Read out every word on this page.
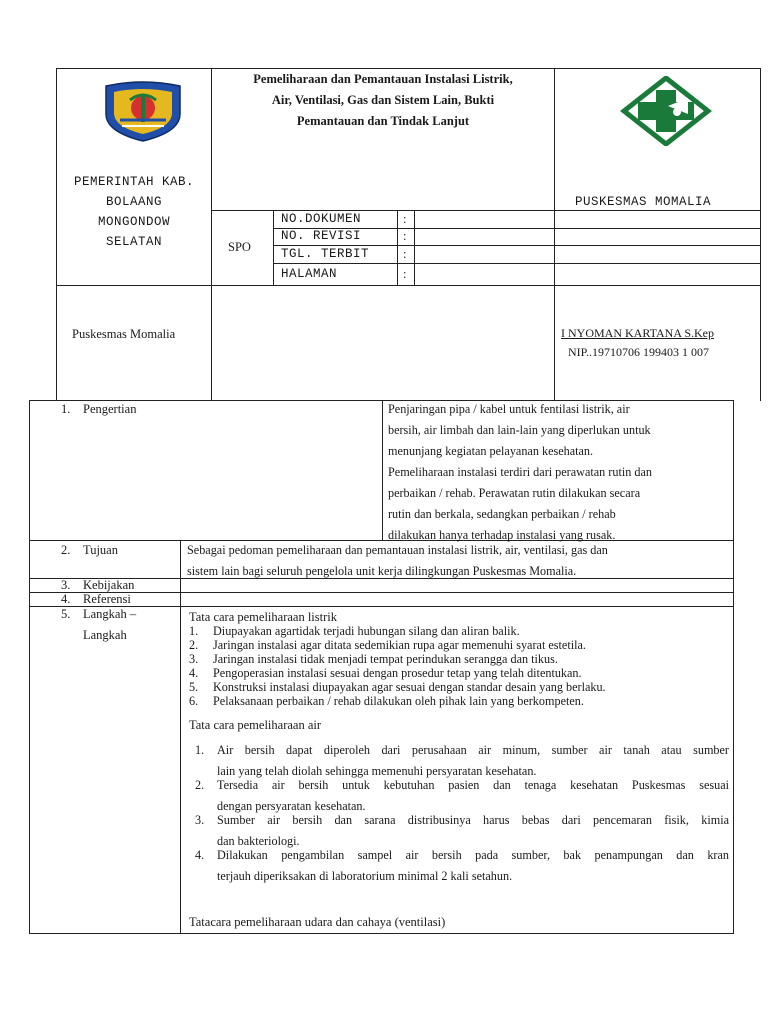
Pemeliharaan dan Pemantauan Instalasi Listrik,
Air, Ventilasi, Gas dan Sistem Lain, Bukti
Pemantauan dan Tindak Lanjut
PEMERINTAH KAB.
BOLAANG
MONGONDOW
SELATAN
PUSKESMAS MOMALIA
SPO
NO.DOKUMEN	:
NO. REVISI	:
TGL. TERBIT	:
HALAMAN	:
Puskesmas Momalia	I NYOMAN KARTANA S.Kep
NIP..19710706 199403 1 007
1. Pengertian	Penjaringan pipa / kabel untuk fentilasi listrik, air
bersih, air limbah dan lain-lain yang diperlukan untuk
menunjang kegiatan pelayanan kesehatan.
Pemeliharaan instalasi terdiri dari perawatan rutin dan
perbaikan / rehab. Perawatan rutin dilakukan secara
rutin dan berkala, sedangkan perbaikan / rehab
dilakukan hanya terhadap instalasi yang rusak.
2. Tujuan	Sebagai pedoman pemeliharaan dan pemantauan instalasi listrik, air, ventilasi, gas dan
sistem lain bagi seluruh pengelola unit kerja dilingkungan Puskesmas Momalia.
3. Kebijakan
4. Referensi
5. Langkah –
Langkah
Tata cara pemeliharaan listrik
1. Diupayakan agartidak terjadi hubungan silang dan aliran balik.
2. Jaringan instalasi agar ditata sedemikian rupa agar memenuhi syarat estetila.
3. Jaringan instalasi tidak menjadi tempat perindukan serangga dan tikus.
4. Pengoperasian instalasi sesuai dengan prosedur tetap yang telah ditentukan.
5. Konstruksi instalasi diupayakan agar sesuai dengan standar desain yang berlaku.
6. Pelaksanaan perbaikan / rehab dilakukan oleh pihak lain yang berkompeten.
Tata cara pemeliharaan air
1. Air bersih dapat diperoleh dari perusahaan air minum, sumber air tanah atau sumber
lain yang telah diolah sehingga memenuhi persyaratan kesehatan.
2. Tersedia air bersih untuk kebutuhan pasien dan tenaga kesehatan Puskesmas sesuai
dengan persyaratan kesehatan.
3. Sumber air bersih dan sarana distribusinya harus bebas dari pencemaran fisik, kimia
dan bakteriologi.
4. Dilakukan pengambilan sampel air bersih pada sumber, bak penampungan dan kran
terjauh diperiksakan di laboratorium minimal 2 kali setahun.
Tatacara pemeliharaan udara dan cahaya (ventilasi)
